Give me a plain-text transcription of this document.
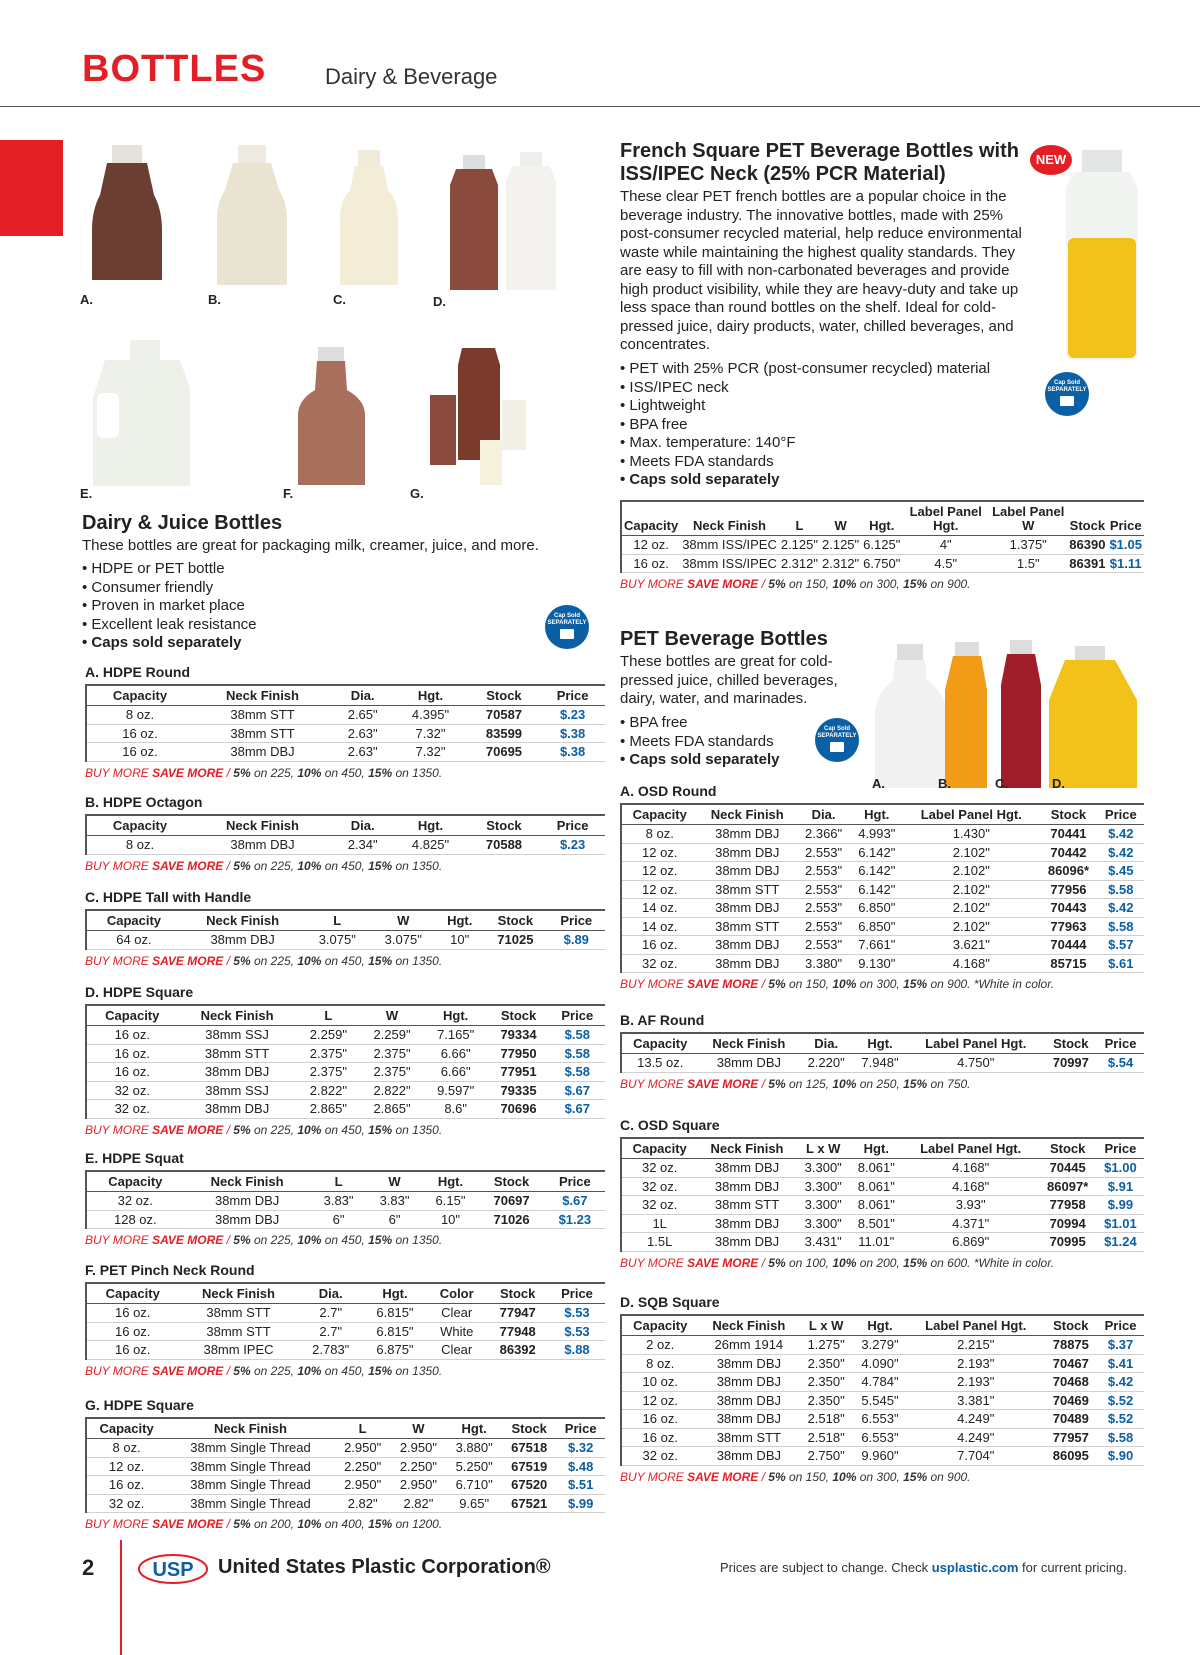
BOTTLES	Dairy & Beverage
A.	B.	C.	D.
E.	F.	G.
Dairy & Juice Bottles
These bottles are great for packaging milk, creamer, juice, and more.
• HDPE or PET bottle
• Consumer friendly
• Proven in market place
• Excellent leak resistance
• Caps sold separately
Cap Sold
SEPARATELY
A. HDPE Round
Capacity	Neck Finish	Dia.	Hgt.	Stock	Price
8 oz.	38mm STT	2.65"	4.395"	70587	$.23
16 oz.	38mm STT	2.63"	7.32"	83599	$.38
16 oz.	38mm DBJ	2.63"	7.32"	70695	$.38
BUY MORE SAVE MORE / 5% on 225, 10% on 450, 15% on 1350.
B. HDPE Octagon
Capacity	Neck Finish	Dia.	Hgt.	Stock	Price
8 oz.	38mm DBJ	2.34"	4.825"	70588	$.23
BUY MORE SAVE MORE / 5% on 225, 10% on 450, 15% on 1350.
C. HDPE Tall with Handle
Capacity	Neck Finish	L	W	Hgt.	Stock	Price
64 oz.	38mm DBJ	3.075"	3.075"	10"	71025	$.89
BUY MORE SAVE MORE / 5% on 225, 10% on 450, 15% on 1350.
D. HDPE Square
Capacity	Neck Finish	L	W	Hgt.	Stock	Price
16 oz.	38mm SSJ	2.259"	2.259"	7.165"	79334	$.58
16 oz.	38mm STT	2.375"	2.375"	6.66"	77950	$.58
16 oz.	38mm DBJ	2.375"	2.375"	6.66"	77951	$.58
32 oz.	38mm SSJ	2.822"	2.822"	9.597"	79335	$.67
32 oz.	38mm DBJ	2.865"	2.865"	8.6"	70696	$.67
BUY MORE SAVE MORE / 5% on 225, 10% on 450, 15% on 1350.
E. HDPE Squat
Capacity	Neck Finish	L	W	Hgt.	Stock	Price
32 oz.	38mm DBJ	3.83"	3.83"	6.15"	70697	$.67
128 oz.	38mm DBJ	6"	6"	10"	71026	$1.23
BUY MORE SAVE MORE / 5% on 225, 10% on 450, 15% on 1350.
F. PET Pinch Neck Round
Capacity	Neck Finish	Dia.	Hgt.	Color	Stock	Price
16 oz.	38mm STT	2.7"	6.815"	Clear	77947	$.53
16 oz.	38mm STT	2.7"	6.815"	White	77948	$.53
16 oz.	38mm IPEC	2.783"	6.875"	Clear	86392	$.88
BUY MORE SAVE MORE / 5% on 225, 10% on 450, 15% on 1350.
G. HDPE Square
Capacity	Neck Finish	L	W	Hgt.	Stock	Price
8 oz.	38mm Single Thread	2.950"	2.950"	3.880"	67518	$.32
12 oz.	38mm Single Thread	2.250"	2.250"	5.250"	67519	$.48
16 oz.	38mm Single Thread	2.950"	2.950"	6.710"	67520	$.51
32 oz.	38mm Single Thread	2.82"	2.82"	9.65"	67521	$.99
BUY MORE SAVE MORE / 5% on 200, 10% on 400, 15% on 1200.
French Square PET Beverage Bottles with
ISS/IPEC Neck (25% PCR Material)
These clear PET french bottles are a popular choice in the beverage industry. The innovative bottles, made with 25% post-consumer recycled material, help reduce environmental waste while maintaining the highest quality standards. They are easy to fill with non-carbonated beverages and provide high product visibility, while they are heavy-duty and take up less space than round bottles on the shelf. Ideal for cold-pressed juice, dairy products, water, chilled beverages, and concentrates.
• PET with 25% PCR (post-consumer recycled) material
• ISS/IPEC neck
• Lightweight
• BPA free
• Max. temperature: 140°F
• Meets FDA standards
• Caps sold separately
NEW
Cap Sold
SEPARATELY
Capacity	Neck Finish	L	W	Hgt.	Label Panel Hgt.	Label Panel W	Stock	Price
12 oz.	38mm ISS/IPEC	2.125"	2.125"	6.125"	4"	1.375"	86390	$1.05
16 oz.	38mm ISS/IPEC	2.312"	2.312"	6.750"	4.5"	1.5"	86391	$1.11
BUY MORE SAVE MORE / 5% on 150, 10% on 300, 15% on 900.
PET Beverage Bottles
These bottles are great for cold-pressed juice, chilled beverages, dairy, water, and marinades.
• BPA free
• Meets FDA standards
• Caps sold separately
Cap Sold
SEPARATELY
A.	B.	C.	D.
A. OSD Round
Capacity	Neck Finish	Dia.	Hgt.	Label Panel Hgt.	Stock	Price
8 oz.	38mm DBJ	2.366"	4.993"	1.430"	70441	$.42
12 oz.	38mm DBJ	2.553"	6.142"	2.102"	70442	$.42
12 oz.	38mm DBJ	2.553"	6.142"	2.102"	86096*	$.45
12 oz.	38mm STT	2.553"	6.142"	2.102"	77956	$.58
14 oz.	38mm DBJ	2.553"	6.850"	2.102"	70443	$.42
14 oz.	38mm STT	2.553"	6.850"	2.102"	77963	$.58
16 oz.	38mm DBJ	2.553"	7.661"	3.621"	70444	$.57
32 oz.	38mm DBJ	3.380"	9.130"	4.168"	85715	$.61
BUY MORE SAVE MORE / 5% on 150, 10% on 300, 15% on 900. *White in color.
B. AF Round
Capacity	Neck Finish	Dia.	Hgt.	Label Panel Hgt.	Stock	Price
13.5 oz.	38mm DBJ	2.220"	7.948"	4.750"	70997	$.54
BUY MORE SAVE MORE / 5% on 125, 10% on 250, 15% on 750.
C. OSD Square
Capacity	Neck Finish	L x W	Hgt.	Label Panel Hgt.	Stock	Price
32 oz.	38mm DBJ	3.300"	8.061"	4.168"	70445	$1.00
32 oz.	38mm DBJ	3.300"	8.061"	4.168"	86097*	$.91
32 oz.	38mm STT	3.300"	8.061"	3.93"	77958	$.99
1L	38mm DBJ	3.300"	8.501"	4.371"	70994	$1.01
1.5L	38mm DBJ	3.431"	11.01"	6.869"	70995	$1.24
BUY MORE SAVE MORE / 5% on 100, 10% on 200, 15% on 600. *White in color.
D. SQB Square
Capacity	Neck Finish	L x W	Hgt.	Label Panel Hgt.	Stock	Price
2 oz.	26mm 1914	1.275"	3.279"	2.215"	78875	$.37
8 oz.	38mm DBJ	2.350"	4.090"	2.193"	70467	$.41
10 oz.	38mm DBJ	2.350"	4.784"	2.193"	70468	$.42
12 oz.	38mm DBJ	2.350"	5.545"	3.381"	70469	$.52
16 oz.	38mm DBJ	2.518"	6.553"	4.249"	70489	$.52
16 oz.	38mm STT	2.518"	6.553"	4.249"	77957	$.58
32 oz.	38mm DBJ	2.750"	9.960"	7.704"	86095	$.90
BUY MORE SAVE MORE / 5% on 150, 10% on 300, 15% on 900.
2	USP United States Plastic Corporation®	Prices are subject to change. Check usplastic.com for current pricing.
